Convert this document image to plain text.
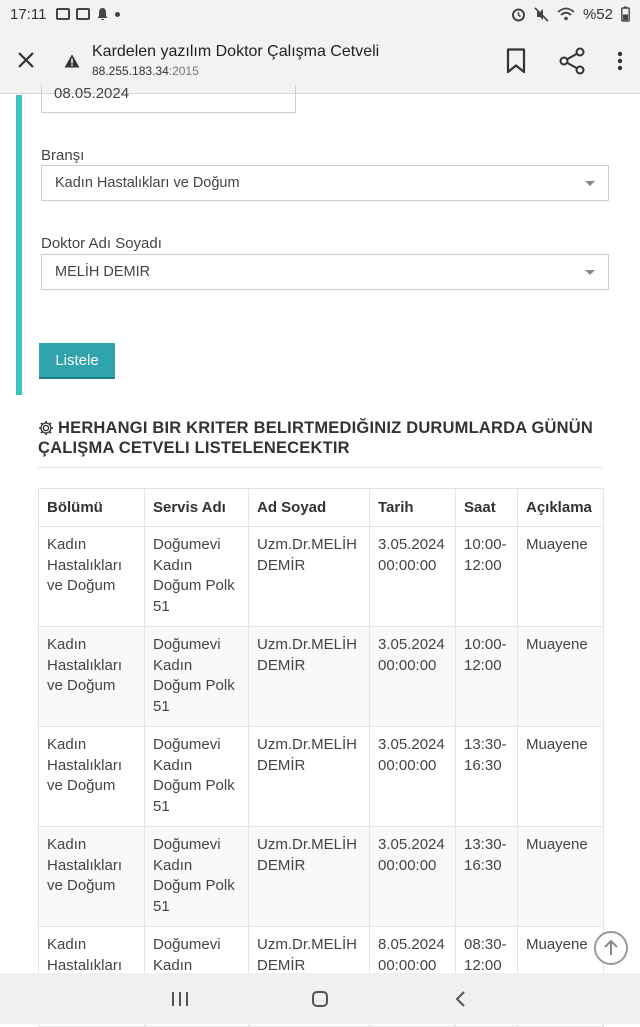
17:11	%52
Kardelen yazılım Doktor Çalışma Cetveli
88.255.183.34:2015
08.05.2024
Branşı
Kadın Hastalıkları ve Doğum
Doktor Adı Soyadı
MELİH DEMIR
Listele
HERHANGI BIR KRITER BELIRTMEDIĞINIZ DURUMLARDA GÜNÜN ÇALIŞMA CETVELI LISTELENECEKTIR
Bölümü	Servis Adı	Ad Soyad	Tarih	Saat	Açıklama
Kadın Hastalıkları ve Doğum	Doğumevi Kadın Doğum Polk 51	Uzm.Dr.MELİH DEMİR	3.05.2024 00:00:00	10:00-12:00	Muayene
Kadın Hastalıkları ve Doğum	Doğumevi Kadın Doğum Polk 51	Uzm.Dr.MELİH DEMİR	3.05.2024 00:00:00	10:00-12:00	Muayene
Kadın Hastalıkları ve Doğum	Doğumevi Kadın Doğum Polk 51	Uzm.Dr.MELİH DEMİR	3.05.2024 00:00:00	13:30-16:30	Muayene
Kadın Hastalıkları ve Doğum	Doğumevi Kadın Doğum Polk 51	Uzm.Dr.MELİH DEMİR	3.05.2024 00:00:00	13:30-16:30	Muayene
Kadın Hastalıkları	Doğumevi Kadın	Uzm.Dr.MELİH DEMİR	8.05.2024 00:00:00	08:30-12:00	Muayene
